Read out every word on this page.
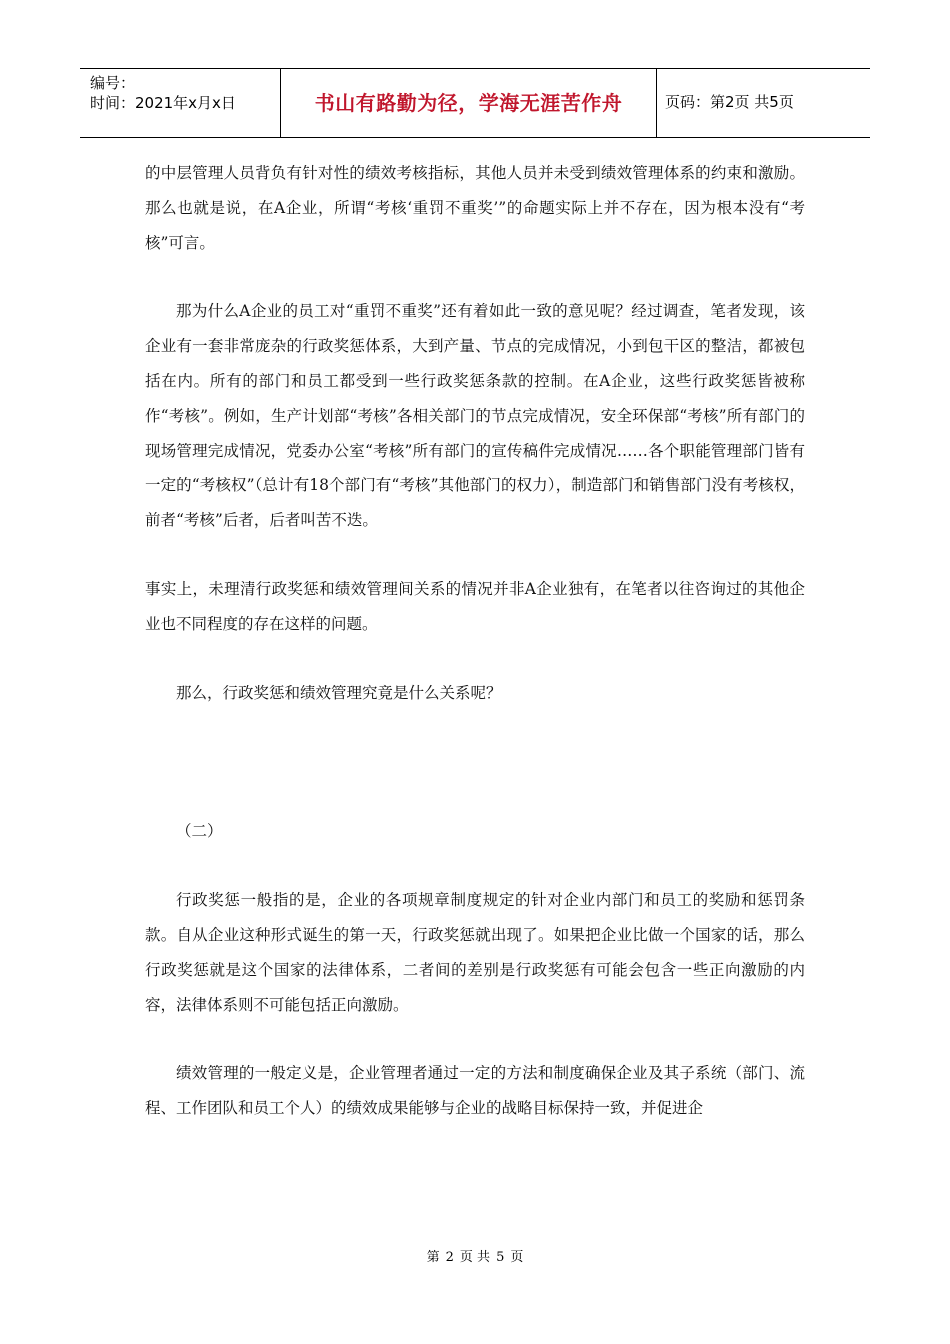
编号：
时间：2021年x月x日	书山有路勤为径，学海无涯苦作舟	页码：第2页 共5页

的中层管理人员背负有针对性的绩效考核指标，其他人员并未受到绩效管理体系的约束和激励。那么也就是说，在A企业，所谓“考核‘重罚不重奖’”的命题实际上并不存在，因为根本没有“考核”可言。

那为什么A企业的员工对“重罚不重奖”还有着如此一致的意见呢？经过调查，笔者发现，该企业有一套非常庞杂的行政奖惩体系，大到产量、节点的完成情况，小到包干区的整洁，都被包括在内。所有的部门和员工都受到一些行政奖惩条款的控制。在A企业，这些行政奖惩皆被称作“考核”。例如，生产计划部“考核”各相关部门的节点完成情况，安全环保部“考核”所有部门的现场管理完成情况，党委办公室“考核”所有部门的宣传稿件完成情况……各个职能管理部门皆有一定的“考核权”（总计有18个部门有“考核”其他部门的权力），制造部门和销售部门没有考核权，前者“考核”后者，后者叫苦不迭。

事实上，未理清行政奖惩和绩效管理间关系的情况并非A企业独有，在笔者以往咨询过的其他企业也不同程度的存在这样的问题。

那么，行政奖惩和绩效管理究竟是什么关系呢？

（二）

行政奖惩一般指的是，企业的各项规章制度规定的针对企业内部门和员工的奖励和惩罚条款。自从企业这种形式诞生的第一天，行政奖惩就出现了。如果把企业比做一个国家的话，那么行政奖惩就是这个国家的法律体系，二者间的差别是行政奖惩有可能会包含一些正向激励的内容，法律体系则不可能包括正向激励。

绩效管理的一般定义是，企业管理者通过一定的方法和制度确保企业及其子系统（部门、流程、工作团队和员工个人）的绩效成果能够与企业的战略目标保持一致，并促进企

第 2 页 共 5 页
